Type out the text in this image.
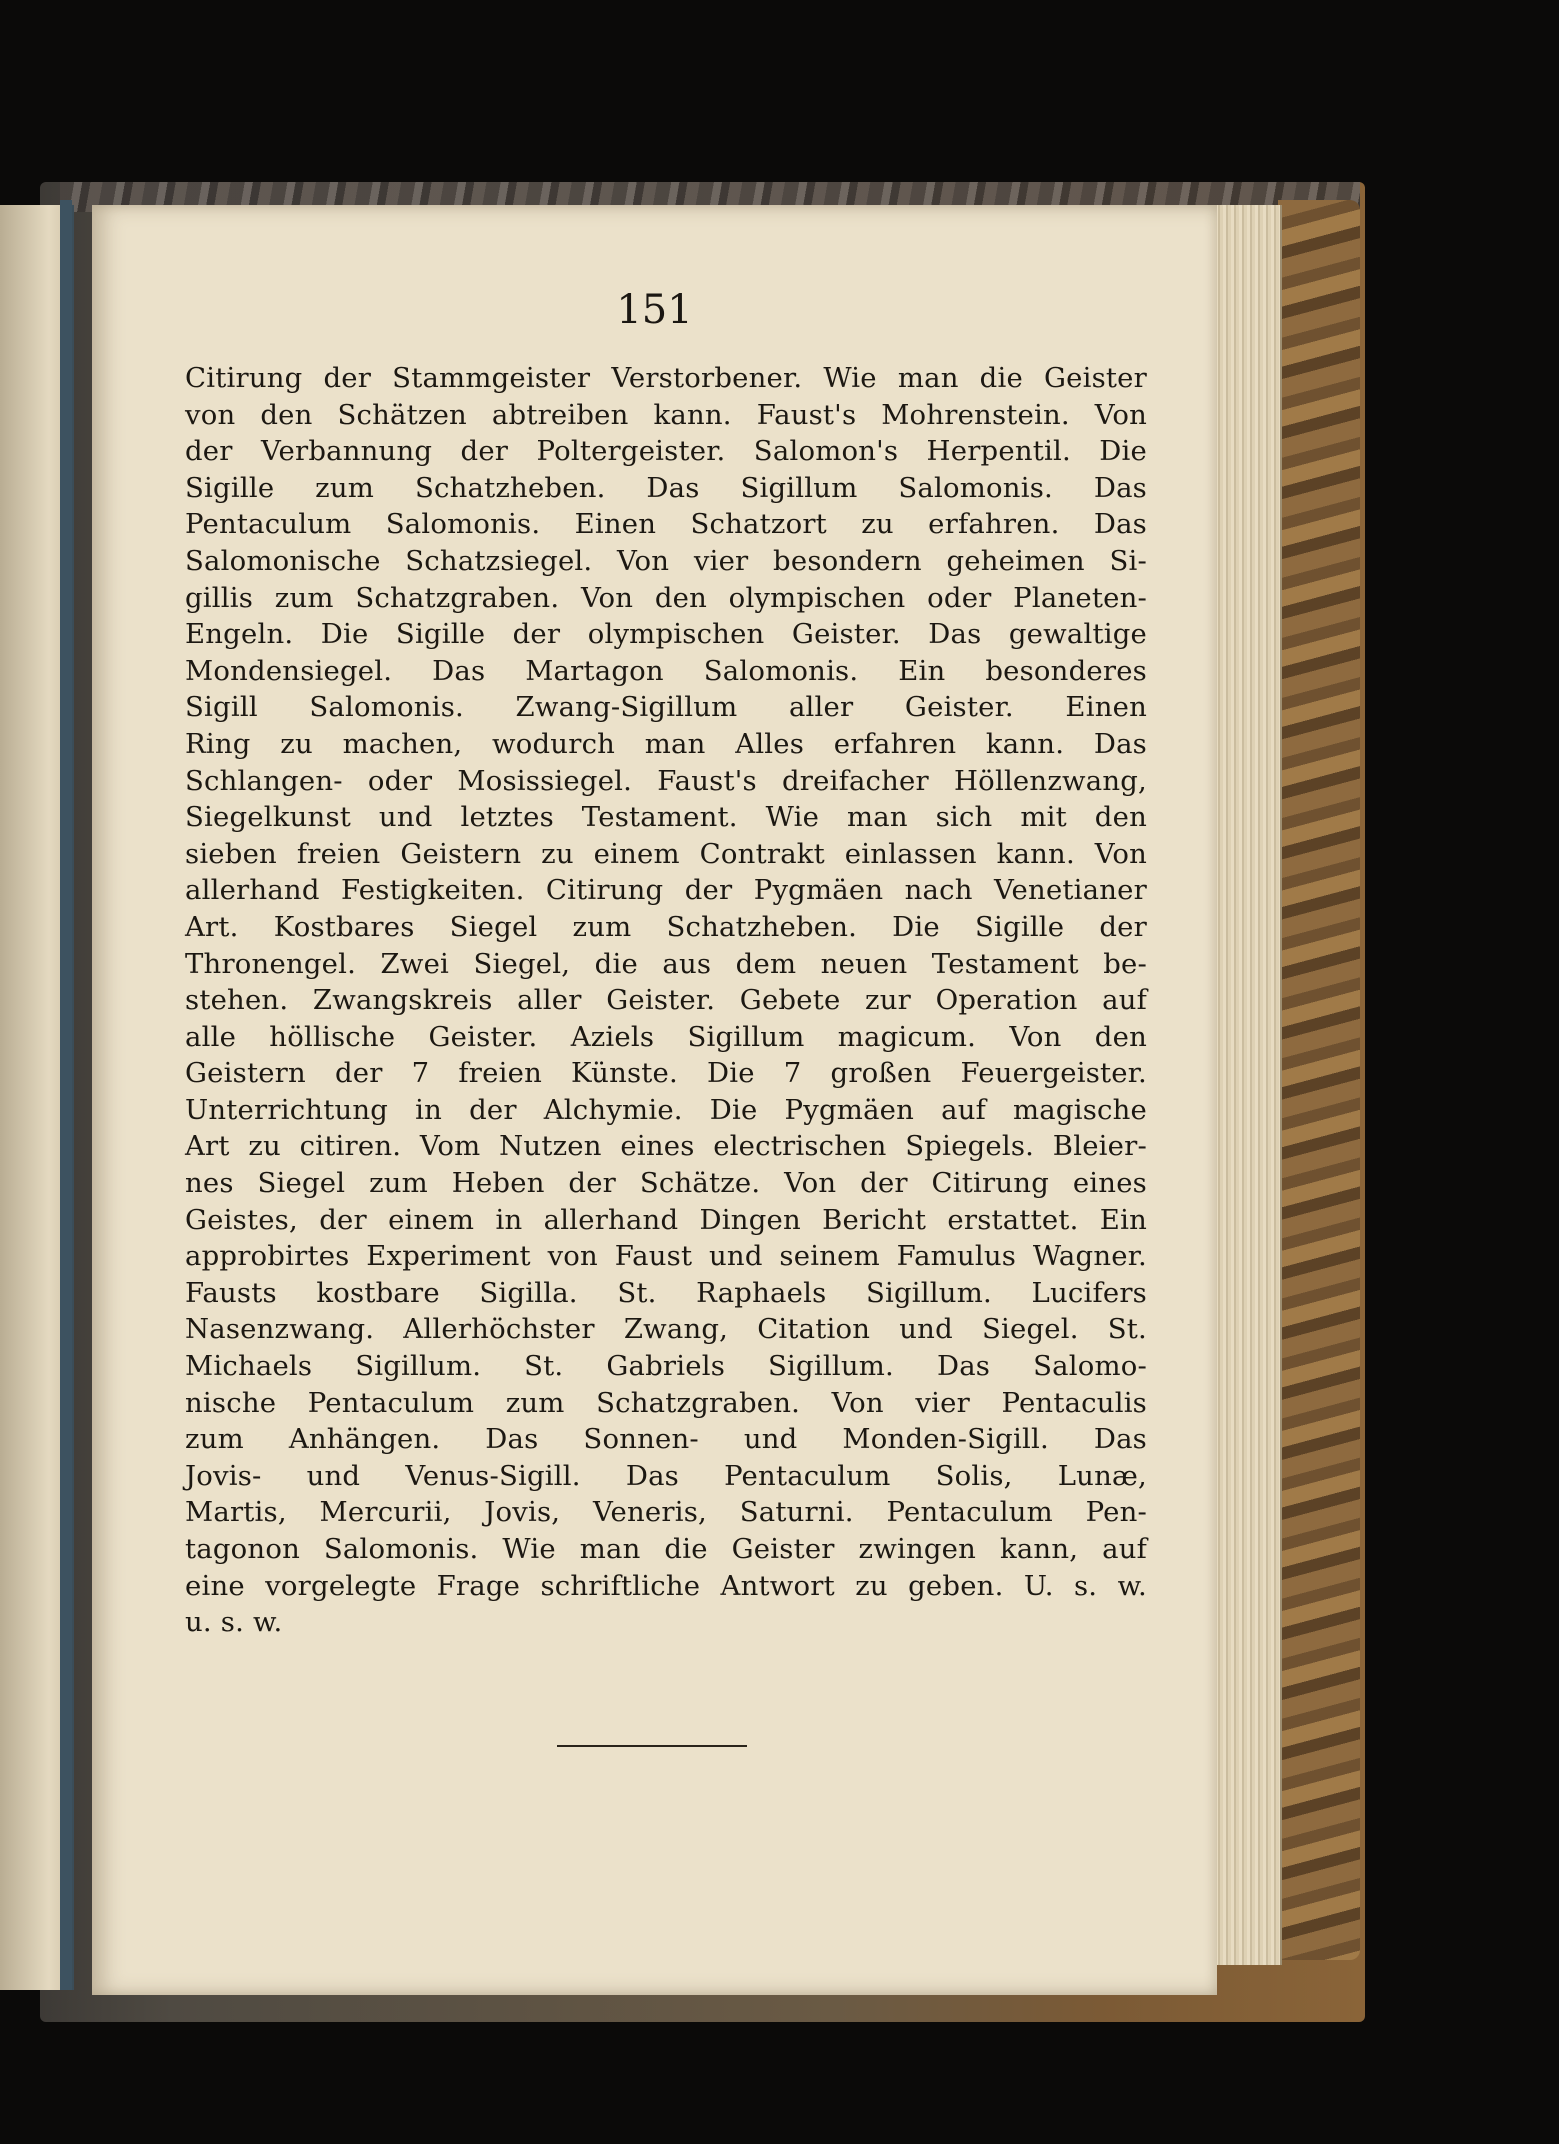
151
Citirung der Stammgeister Verstorbener. Wie man die Geister
von den Schätzen abtreiben kann. Faust's Mohrenstein. Von
der Verbannung der Poltergeister. Salomon's Herpentil. Die
Sigille zum Schatzheben. Das Sigillum Salomonis. Das
Pentaculum Salomonis. Einen Schatzort zu erfahren. Das
Salomonische Schatzsiegel. Von vier besondern geheimen Si-
gillis zum Schatzgraben. Von den olympischen oder Planeten-
Engeln. Die Sigille der olympischen Geister. Das gewaltige
Mondensiegel. Das Martagon Salomonis. Ein besonderes
Sigill Salomonis. Zwang-Sigillum aller Geister. Einen
Ring zu machen, wodurch man Alles erfahren kann. Das
Schlangen- oder Mosissiegel. Faust's dreifacher Höllenzwang,
Siegelkunst und letztes Testament. Wie man sich mit den
sieben freien Geistern zu einem Contrakt einlassen kann. Von
allerhand Festigkeiten. Citirung der Pygmäen nach Venetianer
Art. Kostbares Siegel zum Schatzheben. Die Sigille der
Thronengel. Zwei Siegel, die aus dem neuen Testament be-
stehen. Zwangskreis aller Geister. Gebete zur Operation auf
alle höllische Geister. Aziels Sigillum magicum. Von den
Geistern der 7 freien Künste. Die 7 großen Feuergeister.
Unterrichtung in der Alchymie. Die Pygmäen auf magische
Art zu citiren. Vom Nutzen eines electrischen Spiegels. Bleier-
nes Siegel zum Heben der Schätze. Von der Citirung eines
Geistes, der einem in allerhand Dingen Bericht erstattet. Ein
approbirtes Experiment von Faust und seinem Famulus Wagner.
Fausts kostbare Sigilla. St. Raphaels Sigillum. Lucifers
Nasenzwang. Allerhöchster Zwang, Citation und Siegel. St.
Michaels Sigillum. St. Gabriels Sigillum. Das Salomo-
nische Pentaculum zum Schatzgraben. Von vier Pentaculis
zum Anhängen. Das Sonnen- und Monden-Sigill. Das
Jovis- und Venus-Sigill. Das Pentaculum Solis, Lunæ,
Martis, Mercurii, Jovis, Veneris, Saturni. Pentaculum Pen-
tagonon Salomonis. Wie man die Geister zwingen kann, auf
eine vorgelegte Frage schriftliche Antwort zu geben. U. s. w.
u. s. w.
